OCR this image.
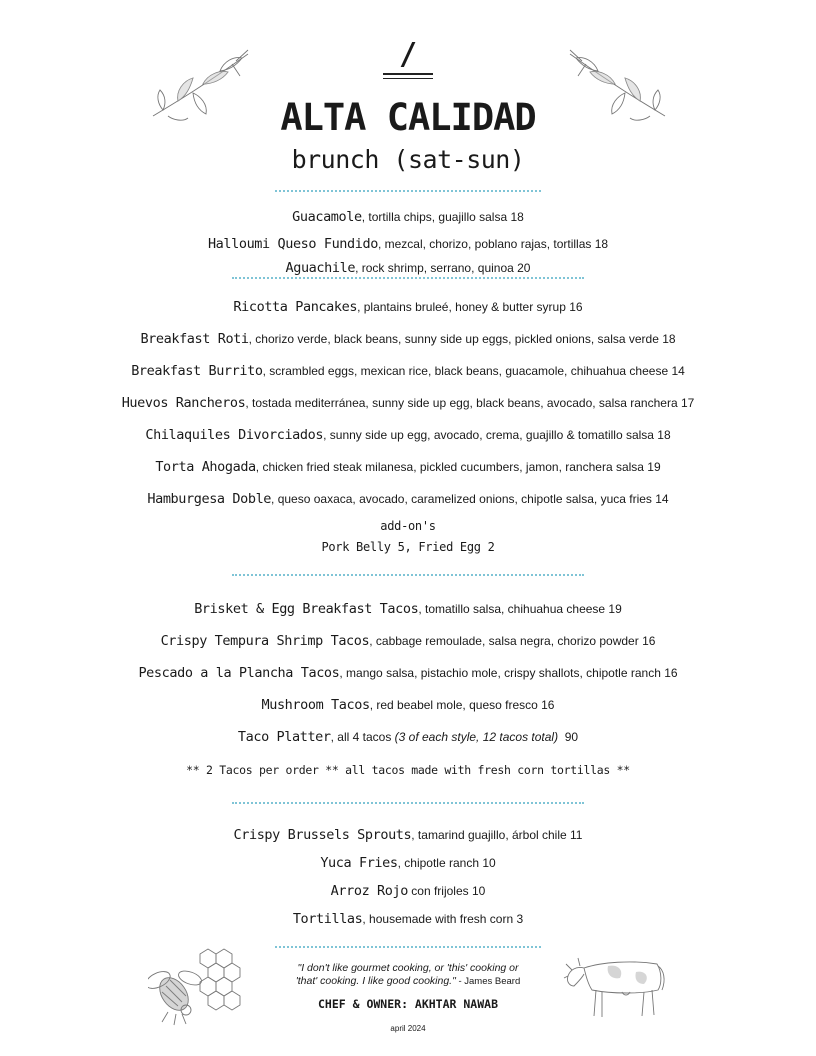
/
ALTA CALIDAD
brunch (sat-sun)
Guacamole, tortilla chips, guajillo salsa 18
Halloumi Queso Fundido, mezcal, chorizo, poblano rajas, tortillas 18
Aguachile, rock shrimp, serrano, quinoa 20
Ricotta Pancakes, plantains bruleé, honey & butter syrup 16
Breakfast Roti, chorizo verde, black beans, sunny side up eggs, pickled onions, salsa verde 18
Breakfast Burrito, scrambled eggs, mexican rice, black beans, guacamole, chihuahua cheese 14
Huevos Rancheros, tostada mediterránea, sunny side up egg, black beans, avocado, salsa ranchera 17
Chilaquiles Divorciados, sunny side up egg, avocado, crema, guajillo & tomatillo salsa 18
Torta Ahogada, chicken fried steak milanesa, pickled cucumbers, jamon, ranchera salsa 19
Hamburgesa Doble, queso oaxaca, avocado, caramelized onions, chipotle salsa, yuca fries 14
add-on's
Pork Belly 5, Fried Egg 2
Brisket & Egg Breakfast Tacos, tomatillo salsa, chihuahua cheese 19
Crispy Tempura Shrimp Tacos, cabbage remoulade, salsa negra, chorizo powder 16
Pescado a la Plancha Tacos, mango salsa, pistachio mole, crispy shallots, chipotle ranch 16
Mushroom Tacos, red beabel mole, queso fresco 16
Taco Platter, all 4 tacos (3 of each style, 12 tacos total)  90
** 2 Tacos per order ** all tacos made with fresh corn tortillas **
Crispy Brussels Sprouts, tamarind guajillo, árbol chile 11
Yuca Fries, chipotle ranch 10
Arroz Rojo con frijoles 10
Tortillas, housemade with fresh corn 3
"I don't like gourmet cooking, or 'this' cooking or
'that' cooking. I like good cooking." - James Beard
CHEF & OWNER: AKHTAR NAWAB
april 2024
